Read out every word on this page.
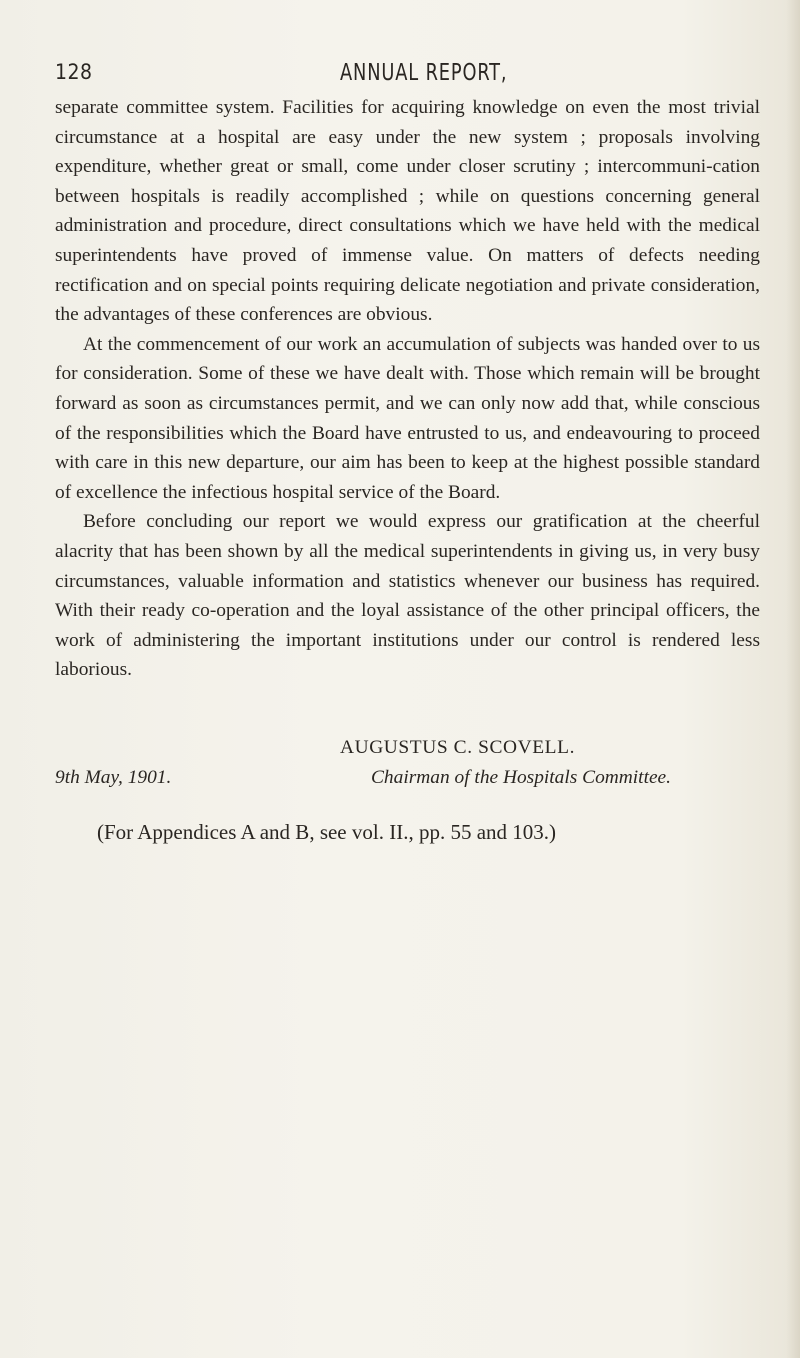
128	ANNUAL REPORT,

separate committee system. Facilities for acquiring knowledge on even the most trivial circumstance at a hospital are easy under the new system ; proposals involving expenditure, whether great or small, come under closer scrutiny ; intercommuni-cation between hospitals is readily accomplished ; while on questions concerning general administration and procedure, direct consultations which we have held with the medical superintendents have proved of immense value. On matters of defects needing rectification and on special points requiring delicate negotiation and private consideration, the advantages of these conferences are obvious.

At the commencement of our work an accumulation of subjects was handed over to us for consideration. Some of these we have dealt with. Those which remain will be brought forward as soon as circumstances permit, and we can only now add that, while conscious of the responsibilities which the Board have entrusted to us, and endeavouring to proceed with care in this new departure, our aim has been to keep at the highest possible standard of excellence the infectious hospital service of the Board.

Before concluding our report we would express our gratification at the cheerful alacrity that has been shown by all the medical superintendents in giving us, in very busy circumstances, valuable information and statistics whenever our business has required. With their ready co-operation and the loyal assistance of the other principal officers, the work of administering the important institutions under our control is rendered less laborious.

AUGUSTUS C. SCOVELL.
9th May, 1901.	Chairman of the Hospitals Committee.
(For Appendices A and B, see vol. II., pp. 55 and 103.)
